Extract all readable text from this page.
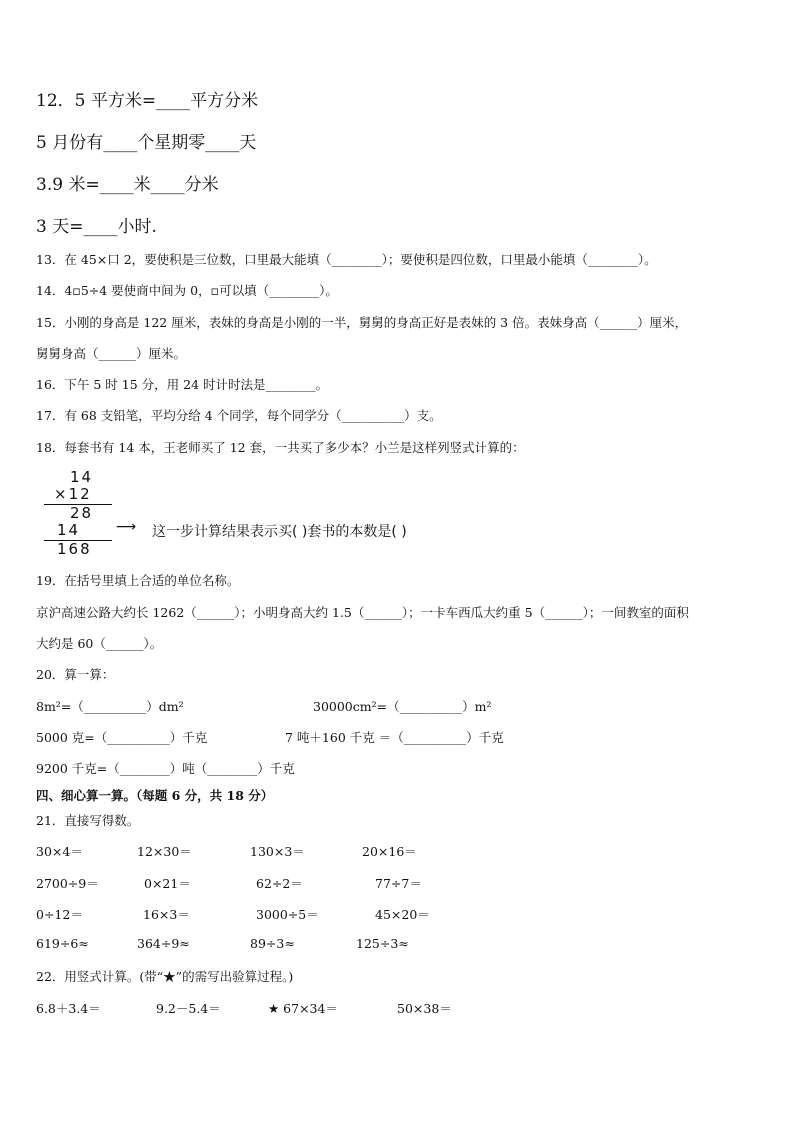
12．5 平方米=____平方分米
5 月份有____个星期零____天
3.9 米=____米____分米
3 天=____小时.
13．在 45×口 2，要使积是三位数，口里最大能填（________）；要使积是四位数，口里最小能填（________）。
14．4▫5÷4 要使商中间为 0，▫可以填（________）。
15．小刚的身高是 122 厘米，表妹的身高是小刚的一半，舅舅的身高正好是表妹的 3 倍。表妹身高（______）厘米，
舅舅身高（______）厘米。
16．下午 5 时 15 分，用 24 时计时法是________。
17．有 68 支铅笔，平均分给 4 个同学，每个同学分（__________）支。
18．每套书有 14 本，王老师买了 12 套，一共买了多少本？小兰是这样列竖式计算的：
14
×12
28
14
168
⟶ 这一步计算结果表示买( )套书的本数是( )
19．在括号里填上合适的单位名称。
京沪高速公路大约长 1262（______）；小明身高大约 1.5（______）；一卡车西瓜大约重 5（______）；一间教室的面积
大约是 60（______）。
20．算一算：
8m²=（__________）dm²	30000cm²=（__________）m²
5000 克=（__________）千克	7 吨＋160 千克 ＝（__________）千克
9200 千克=（________）吨（________）千克
四、细心算一算。（每题 6 分，共 18 分）
21．直接写得数。
30×4＝	12×30＝	130×3＝	20×16＝
2700÷9＝	0×21＝	62÷2＝	77÷7＝
0÷12＝	16×3＝	3000÷5＝	45×20＝
619÷6≈	364÷9≈	89÷3≈	125÷3≈
22．用竖式计算。(带“★”的需写出验算过程。)
6.8＋3.4＝	9.2－5.4＝	★ 67×34＝	50×38＝
